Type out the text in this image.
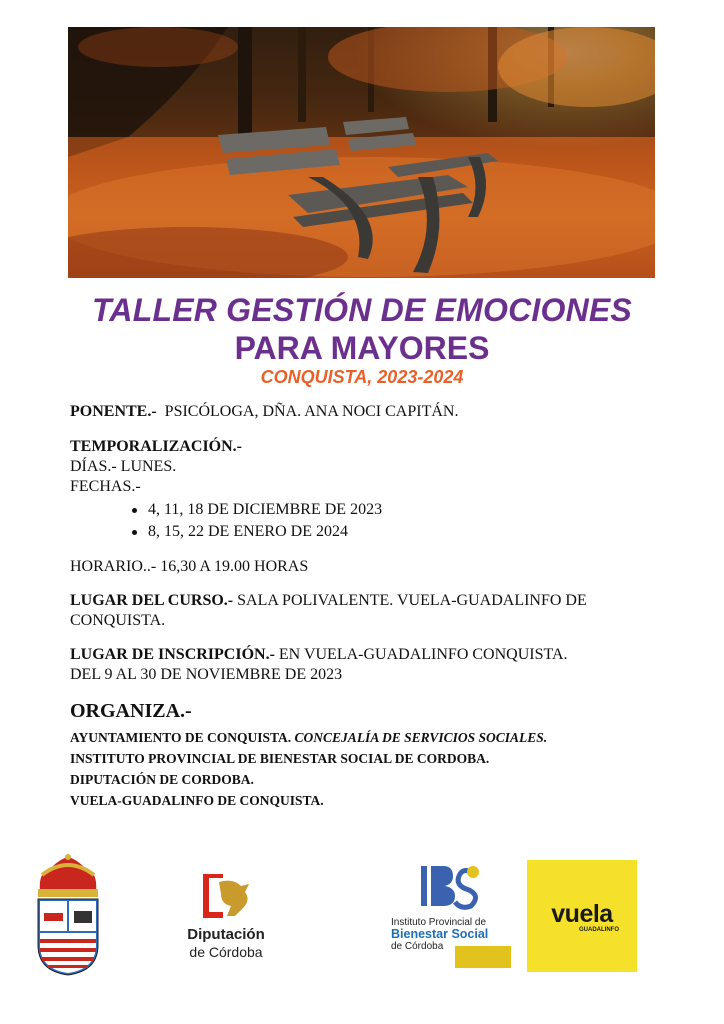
TALLER GESTIÓN DE EMOCIONES
PARA MAYORES
CONQUISTA, 2023-2024

PONENTE.- PSICÓLOGA, DÑA. ANA NOCI CAPITÁN.

TEMPORALIZACIÓN.-

DÍAS.- LUNES.

FECHAS.-

4, 11, 18 DE DICIEMBRE DE 2023
8, 15, 22 DE ENERO DE 2024

HORARIO..- 16,30 A 19.00 HORAS

LUGAR DEL CURSO.- SALA POLIVALENTE. VUELA-GUADALINFO DE CONQUISTA.

LUGAR DE INSCRIPCIÓN.- EN VUELA-GUADALINFO CONQUISTA.

DEL 9 AL 30 DE NOVIEMBRE DE 2023

ORGANIZA.-
AYUNTAMIENTO DE CONQUISTA. CONCEJALÍA DE SERVICIOS SOCIALES.
INSTITUTO PROVINCIAL DE BIENESTAR SOCIAL DE CORDOBA.
DIPUTACIÓN DE CORDOBA.
VUELA-GUADALINFO DE CONQUISTA.
Diputación
de Córdoba
Instituto Provincial de
Bienestar Social
de Córdoba
vuela
GUADALINFO
